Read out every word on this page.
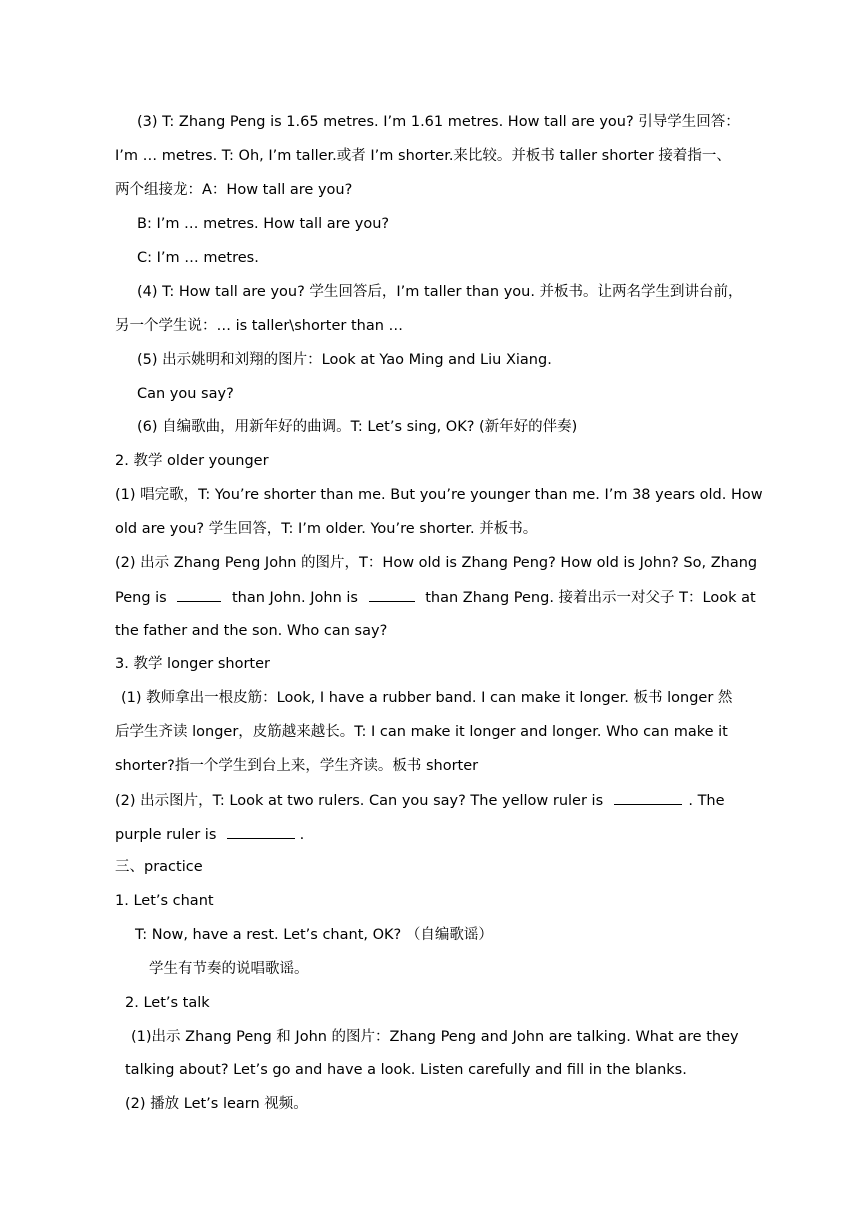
(3) T: Zhang Peng is 1.65 metres. I’m 1.61 metres. How tall are you? 引导学生回答：
I’m … metres. T: Oh, I’m taller.或者 I’m shorter.来比较。并板书 taller shorter 接着指一、
两个组接龙：A：How tall are you?
B: I’m … metres. How tall are you?
C: I’m … metres.
(4) T: How tall are you? 学生回答后，I’m taller than you. 并板书。让两名学生到讲台前，
另一个学生说：… is taller\shorter than …
(5) 出示姚明和刘翔的图片：Look at Yao Ming and Liu Xiang.
Can you say?
(6) 自编歌曲，用新年好的曲调。T: Let’s sing, OK? (新年好的伴奏)
2. 教学 older younger
(1) 唱完歌，T: You’re shorter than me. But you’re younger than me. I’m 38 years old. How
old are you? 学生回答，T: I’m older. You’re shorter. 并板书。
(2) 出示 Zhang Peng John 的图片，T：How old is Zhang Peng? How old is John? So, Zhang
Peng is	than John. John is	than Zhang Peng. 接着出示一对父子 T：Look at
the father and the son. Who can say?
3. 教学 longer shorter
(1) 教师拿出一根皮筋：Look, I have a rubber band. I can make it longer. 板书 longer 然
后学生齐读 longer，皮筋越来越长。T: I can make it longer and longer. Who can make it
shorter?指一个学生到台上来，学生齐读。板书 shorter
(2) 出示图片，T: Look at two rulers. Can you say? The yellow ruler is	. The
purple ruler is	.
三、practice
1. Let’s chant
T: Now, have a rest. Let’s chant, OK? （自编歌谣）
学生有节奏的说唱歌谣。
2. Let’s talk
(1)出示 Zhang Peng 和 John 的图片：Zhang Peng and John are talking. What are they
talking about? Let’s go and have a look. Listen carefully and fill in the blanks.
(2) 播放 Let’s learn 视频。
